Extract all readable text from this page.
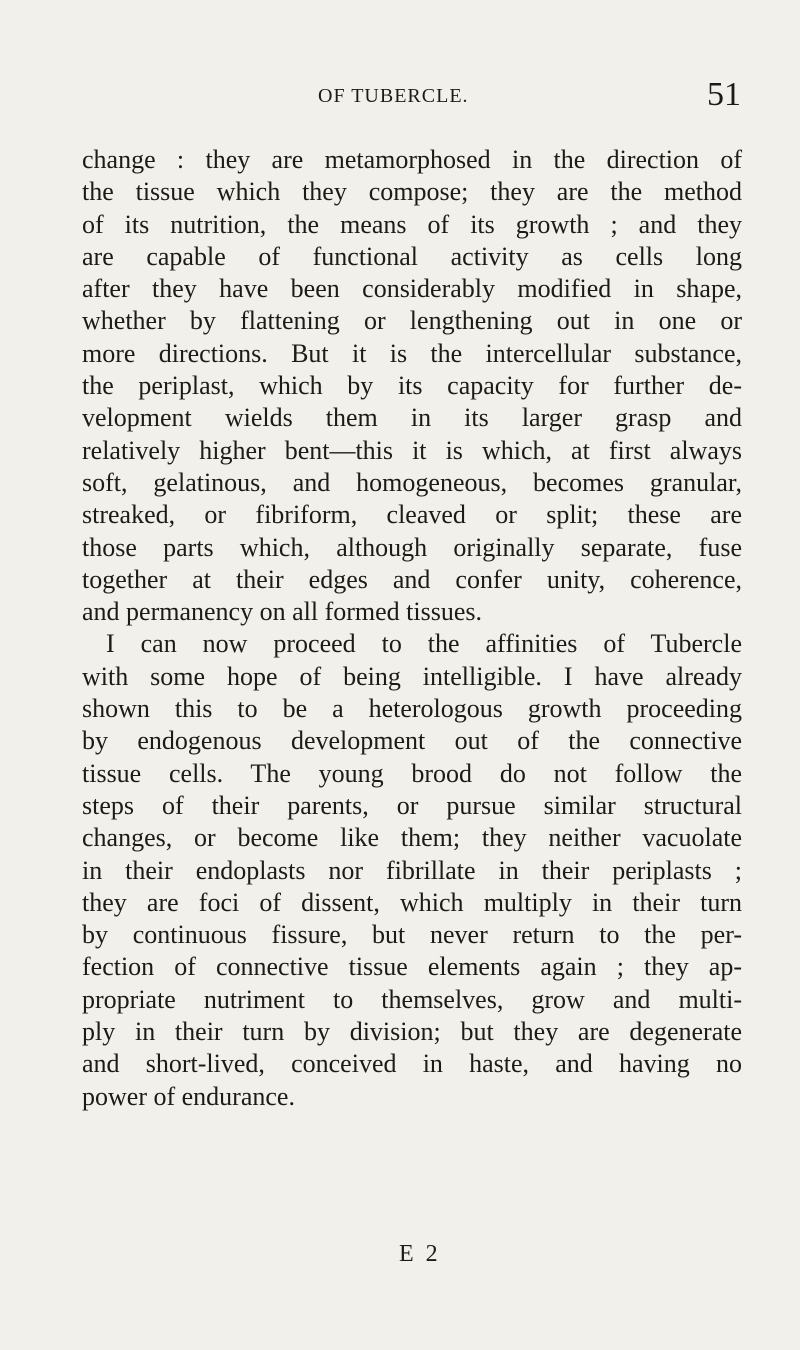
OF TUBERCLE.	51
change : they are metamorphosed in the direction of
the tissue which they compose; they are the method
of its nutrition, the means of its growth ; and they
are capable of functional activity as cells long
after they have been considerably modified in shape,
whether by flattening or lengthening out in one or
more directions. But it is the intercellular substance,
the periplast, which by its capacity for further de-
velopment wields them in its larger grasp and
relatively higher bent—this it is which, at first always
soft, gelatinous, and homogeneous, becomes granular,
streaked, or fibriform, cleaved or split; these are
those parts which, although originally separate, fuse
together at their edges and confer unity, coherence,
and permanency on all formed tissues.
I can now proceed to the affinities of Tubercle
with some hope of being intelligible. I have already
shown this to be a heterologous growth proceeding
by endogenous development out of the connective
tissue cells. The young brood do not follow the
steps of their parents, or pursue similar structural
changes, or become like them; they neither vacuolate
in their endoplasts nor fibrillate in their periplasts ;
they are foci of dissent, which multiply in their turn
by continuous fissure, but never return to the per-
fection of connective tissue elements again ; they ap-
propriate nutriment to themselves, grow and multi-
ply in their turn by division; but they are degenerate
and short-lived, conceived in haste, and having no
power of endurance.
E 2
